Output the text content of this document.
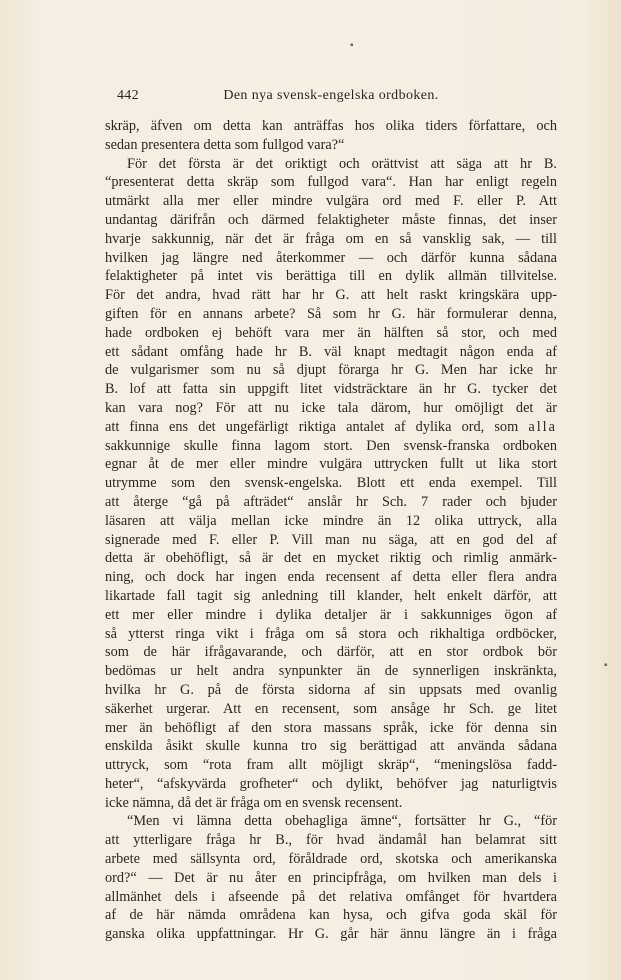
442	Den nya svensk-engelska ordboken.
skräp, äfven om detta kan anträffas hos olika tiders författare, och
sedan presentera detta som fullgod vara?“
För det första är det oriktigt och orättvist att säga att hr B.
“presenterat detta skräp som fullgod vara“. Han har enligt regeln
utmärkt alla mer eller mindre vulgära ord med F. eller P. Att
undantag därifrån och därmed felaktigheter måste finnas, det inser
hvarje sakkunnig, när det är fråga om en så vansklig sak, — till
hvilken jag längre ned återkommer — och därför kunna sådana
felaktigheter på intet vis berättiga till en dylik allmän tillvitelse.
För det andra, hvad rätt har hr G. att helt raskt kringskära upp-
giften för en annans arbete? Så som hr G. här formulerar denna,
hade ordboken ej behöft vara mer än hälften så stor, och med
ett sådant omfång hade hr B. väl knapt medtagit någon enda af
de vulgarismer som nu så djupt förarga hr G. Men har icke hr
B. lof att fatta sin uppgift litet vidsträcktare än hr G. tycker det
kan vara nog? För att nu icke tala därom, hur omöjligt det är
att finna ens det ungefärligt riktiga antalet af dylika ord, som alla
sakkunnige skulle finna lagom stort. Den svensk-franska ordboken
egnar åt de mer eller mindre vulgära uttrycken fullt ut lika stort
utrymme som den svensk-engelska. Blott ett enda exempel. Till
att återge “gå på afträdet“ anslår hr Sch. 7 rader och bjuder
läsaren att välja mellan icke mindre än 12 olika uttryck, alla
signerade med F. eller P. Vill man nu säga, att en god del af
detta är obehöfligt, så är det en mycket riktig och rimlig anmärk-
ning, och dock har ingen enda recensent af detta eller flera andra
likartade fall tagit sig anledning till klander, helt enkelt därför, att
ett mer eller mindre i dylika detaljer är i sakkunniges ögon af
så ytterst ringa vikt i fråga om så stora och rikhaltiga ordböcker,
som de här ifrågavarande, och därför, att en stor ordbok bör
bedömas ur helt andra synpunkter än de synnerligen inskränkta,
hvilka hr G. på de första sidorna af sin uppsats med ovanlig
säkerhet urgerar. Att en recensent, som ansåge hr Sch. ge litet
mer än behöfligt af den stora massans språk, icke för denna sin
enskilda åsikt skulle kunna tro sig berättigad att använda sådana
uttryck, som “rota fram allt möjligt skräp“, “meningslösa fadd-
heter“, “afskyvärda grofheter“ och dylikt, behöfver jag naturligtvis
icke nämna, då det är fråga om en svensk recensent.
“Men vi lämna detta obehagliga ämne“, fortsätter hr G., “för
att ytterligare fråga hr B., för hvad ändamål han belamrat sitt
arbete med sällsynta ord, föråldrade ord, skotska och amerikanska
ord?“ — Det är nu åter en principfråga, om hvilken man dels i
allmänhet dels i afseende på det relativa omfånget för hvartdera
af de här nämda områdena kan hysa, och gifva goda skäl för
ganska olika uppfattningar. Hr G. går här ännu längre än i fråga
▪
▪
